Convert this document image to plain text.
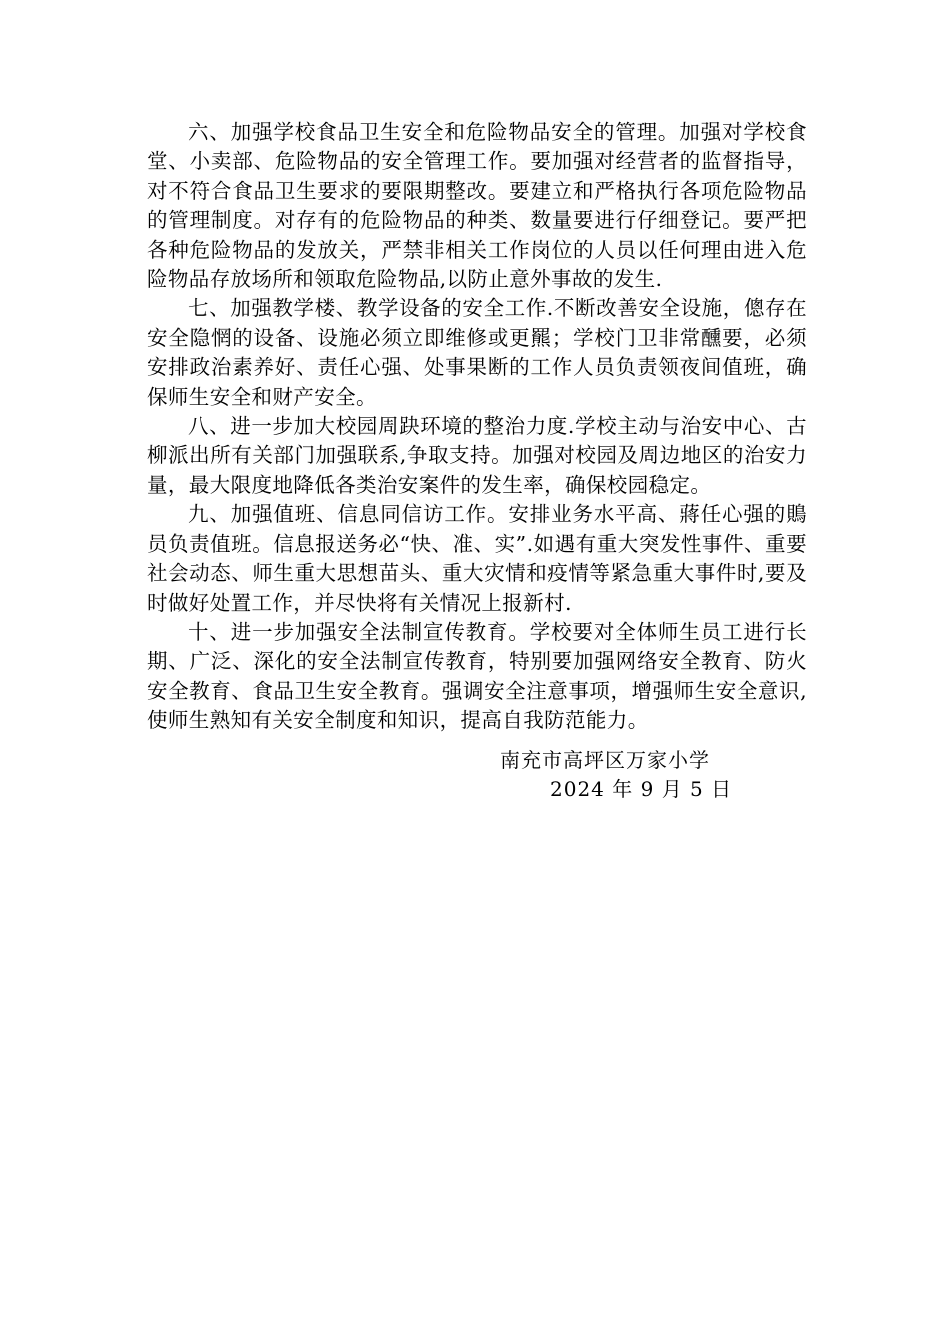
六、加强学校食品卫生安全和危险物品安全的管理。加强对学校食堂、小卖部、危险物品的安全管理工作。要加强对经营者的监督指导，对不符合食品卫生要求的要限期整改。要建立和严格执行各项危险物品的管理制度。对存有的危险物品的种类、数量要进行仔细登记。要严把各种危险物品的发放关，严禁非相关工作岗位的人员以任何理由进入危险物品存放场所和领取危险物品,以防止意外事故的发生.

七、加强教学楼、教学设备的安全工作.不断改善安全设施，傯存在安全隐惘的设备、设施必须立即维修或更羆；学校门卫非常醺要，必须安排政治素养好、责任心强、处事果断的工作人员负责领夜间值班，确保师生安全和财产安全。

八、进一步加大校园周趹环境的整治力度.学校主动与治安中心、古柳派出所有关部门加强联系,争取支持。加强对校园及周边地区的治安力量，最大限度地降低各类治安案件的发生率，确保校园稳定。

九、加强值班、信息同信访工作。安排业务水平高、蔣任心强的鵙员负责值班。信息报送务必“快、准、实”.如遇有重大突发性事件、重要社会动态、师生重大思想苗头、重大灾情和疫情等紧急重大事件时,要及时做好处置工作，并尽快将有关情况上报新村.

十、进一步加强安全法制宣传教育。学校要对全体师生员工进行长期、广泛、深化的安全法制宣传教育，特别要加强网络安全教育、防火安全教育、食品卫生安全教育。强调安全注意事项，增强师生安全意识,使师生熟知有关安全制度和知识，提高自我防范能力。

南充市高坪区万家小学
2024 年 9 月 5 日
